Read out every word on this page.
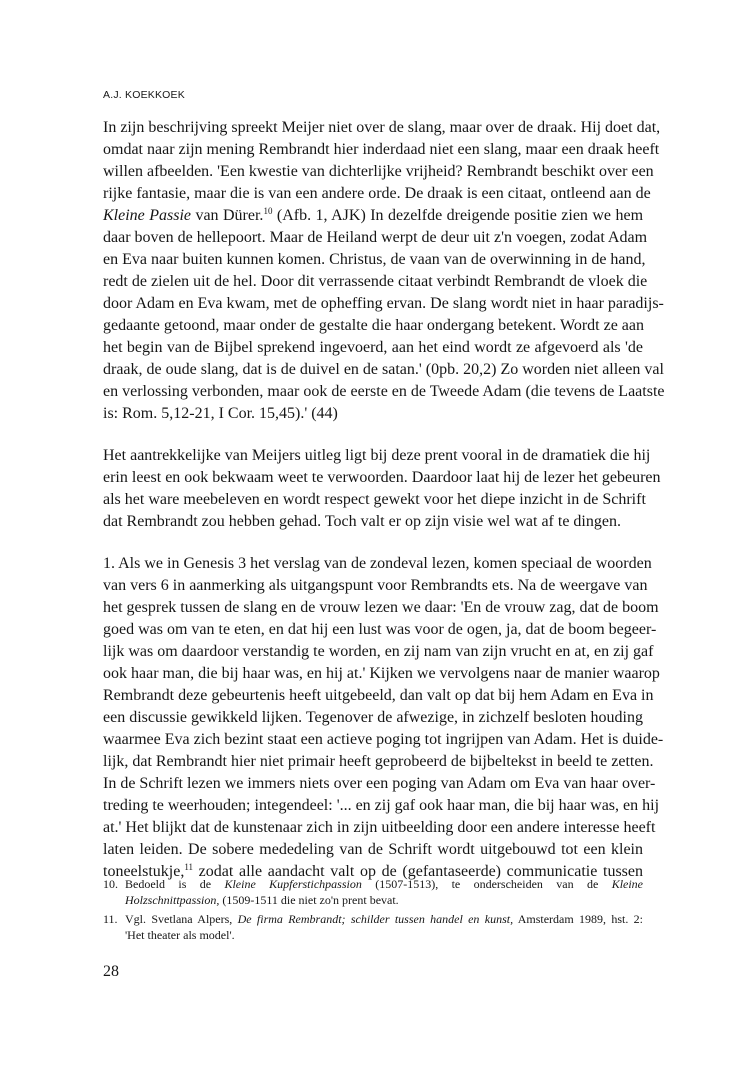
A.J. KOEKKOEK
In zijn beschrijving spreekt Meijer niet over de slang, maar over de draak. Hij doet dat,
omdat naar zijn mening Rembrandt hier inderdaad niet een slang, maar een draak heeft
willen afbeelden. 'Een kwestie van dichterlijke vrijheid? Rembrandt beschikt over een
rijke fantasie, maar die is van een andere orde. De draak is een citaat, ontleend aan de
Kleine Passie van Dürer.$^{10}$ (Afb. 1, AJK) In dezelfde dreigende positie zien we hem
daar boven de hellepoort. Maar de Heiland werpt de deur uit z'n voegen, zodat Adam
en Eva naar buiten kunnen komen. Christus, de vaan van de overwinning in de hand,
redt de zielen uit de hel. Door dit verrassende citaat verbindt Rembrandt de vloek die
door Adam en Eva kwam, met de opheffing ervan. De slang wordt niet in haar paradijs-
gedaante getoond, maar onder de gestalte die haar ondergang betekent. Wordt ze aan
het begin van de Bijbel sprekend ingevoerd, aan het eind wordt ze afgevoerd als 'de
draak, de oude slang, dat is de duivel en de satan.' (0pb. 20,2) Zo worden niet alleen val
en verlossing verbonden, maar ook de eerste en de Tweede Adam (die tevens de Laatste
is: Rom. 5,12-21, I Cor. 15,45).' (44)
Het aantrekkelijke van Meijers uitleg ligt bij deze prent vooral in de dramatiek die hij
erin leest en ook bekwaam weet te verwoorden. Daardoor laat hij de lezer het gebeuren
als het ware meebeleven en wordt respect gewekt voor het diepe inzicht in de Schrift
dat Rembrandt zou hebben gehad. Toch valt er op zijn visie wel wat af te dingen.
1. Als we in Genesis 3 het verslag van de zondeval lezen, komen speciaal de woorden
van vers 6 in aanmerking als uitgangspunt voor Rembrandts ets. Na de weergave van
het gesprek tussen de slang en de vrouw lezen we daar: 'En de vrouw zag, dat de boom
goed was om van te eten, en dat hij een lust was voor de ogen, ja, dat de boom begeer-
lijk was om daardoor verstandig te worden, en zij nam van zijn vrucht en at, en zij gaf
ook haar man, die bij haar was, en hij at.' Kijken we vervolgens naar de manier waarop
Rembrandt deze gebeurtenis heeft uitgebeeld, dan valt op dat bij hem Adam en Eva in
een discussie gewikkeld lijken. Tegenover de afwezige, in zichzelf besloten houding
waarmee Eva zich bezint staat een actieve poging tot ingrijpen van Adam. Het is duide-
lijk, dat Rembrandt hier niet primair heeft geprobeerd de bijbeltekst in beeld te zetten.
In de Schrift lezen we immers niets over een poging van Adam om Eva van haar over-
treding te weerhouden; integendeel: '... en zij gaf ook haar man, die bij haar was, en hij
at.' Het blijkt dat de kunstenaar zich in zijn uitbeelding door een andere interesse heeft
laten leiden. De sobere mededeling van de Schrift wordt uitgebouwd tot een klein
toneelstukje,$^{11}$ zodat alle aandacht valt op de (gefantaseerde) communicatie tussen
10. Bedoeld is de Kleine Kupferstichpassion (1507-1513), te onderscheiden van de Kleine
Holzschnittpassion, (1509-1511 die niet zo'n prent bevat.
11. Vgl. Svetlana Alpers, De firma Rembrandt; schilder tussen handel en kunst, Amsterdam 1989, hst. 2:
'Het theater als model'.
28
